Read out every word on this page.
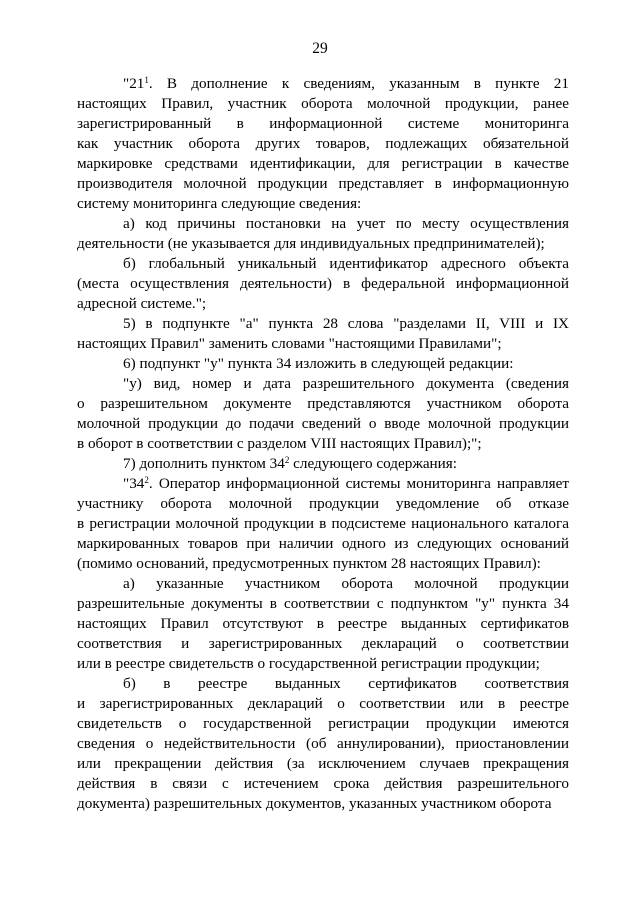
29

"$21^1$. В дополнение к сведениям, указанным в пункте 21

настоящих Правил, участник оборота молочной продукции, ранее

зарегистрированный в информационной системе мониторинга

как участник оборота других товаров, подлежащих обязательной

маркировке средствами идентификации, для регистрации в качестве

производителя молочной продукции представляет в информационную

систему мониторинга следующие сведения:

а) код причины постановки на учет по месту осуществления

деятельности (не указывается для индивидуальных предпринимателей);

б) глобальный уникальный идентификатор адресного объекта

(места осуществления деятельности) в федеральной информационной

адресной системе.";

5) в подпункте "а" пункта 28 слова "разделами II, VIII и IX

настоящих Правил" заменить словами "настоящими Правилами";

6) подпункт "у" пункта 34 изложить в следующей редакции:

"у) вид, номер и дата разрешительного документа (сведения

о разрешительном документе представляются участником оборота

молочной продукции до подачи сведений о вводе молочной продукции

в оборот в соответствии с разделом VIII настоящих Правил);";

7) дополнить пунктом $34^2$ следующего содержания:

"$34^2$. Оператор информационной системы мониторинга направляет

участнику оборота молочной продукции уведомление об отказе

в регистрации молочной продукции в подсистеме национального каталога

маркированных товаров при наличии одного из следующих оснований

(помимо оснований, предусмотренных пунктом 28 настоящих Правил):

а) указанные участником оборота молочной продукции

разрешительные документы в соответствии с подпунктом "у" пункта 34

настоящих Правил отсутствуют в реестре выданных сертификатов

соответствия и зарегистрированных деклараций о соответствии

или в реестре свидетельств о государственной регистрации продукции;

б) в реестре выданных сертификатов соответствия

и зарегистрированных деклараций о соответствии или в реестре

свидетельств о государственной регистрации продукции имеются

сведения о недействительности (об аннулировании), приостановлении

или прекращении действия (за исключением случаев прекращения

действия в связи с истечением срока действия разрешительного

документа) разрешительных документов, указанных участником оборота
